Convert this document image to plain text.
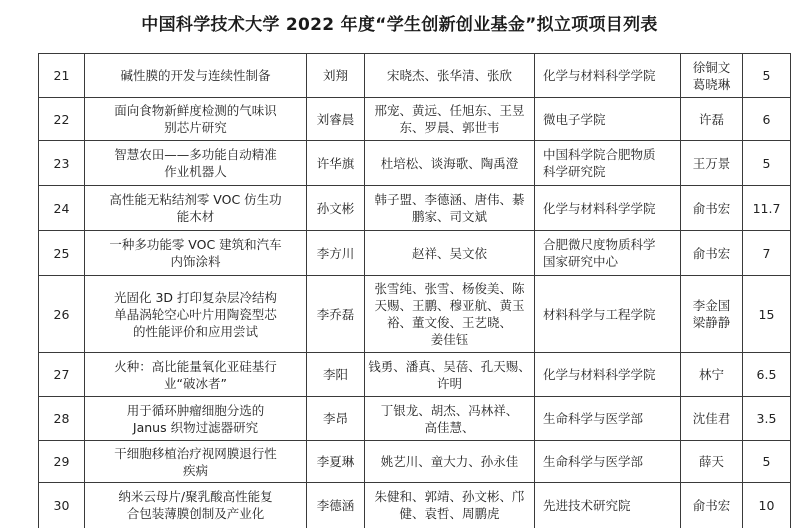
中国科学技术大学 2022 年度“学生创新创业基金”拟立项项目列表
21	碱性膜的开发与连续性制备	刘翔	宋晓杰、张华清、张欣	化学与材料科学学院	徐铜文
葛晓琳	5
22	面向食物新鲜度检测的气味识
别芯片研究	刘睿晨	邢宠、黄远、任旭东、王昱
东、罗晨、郭世韦	微电子学院	许磊	6
23	智慧农田——多功能自动精准
作业机器人	许华旗	杜培松、谈海歌、陶禹澄	中国科学院合肥物质
科学研究院	王万景	5
24	高性能无粘结剂零 VOC 仿生功
能木材	孙文彬	韩子盟、李德涵、唐伟、綦
鹏家、司文斌	化学与材料科学学院	俞书宏	11.7
25	一种多功能零 VOC 建筑和汽车
内饰涂料	李方川	赵祥、吴文依	合肥微尺度物质科学
国家研究中心	俞书宏	7
26	光固化 3D 打印复杂层冷结构
单晶涡轮空心叶片用陶瓷型芯
的性能评价和应用尝试	李乔磊	张雪纯、张雪、杨俊美、陈
天赐、王鹏、穆亚航、黄玉
裕、董文俊、王艺晓、
姜佳钰	材料科学与工程学院	李金国
梁静静	15
27	火种：高比能量氧化亚硅基行
业“破冰者”	李阳	钱勇、潘真、吴蓓、孔天赐、
许明	化学与材料科学学院	林宁	6.5
28	用于循环肿瘤细胞分选的
Janus 织物过滤器研究	李昂	丁银龙、胡杰、冯林祥、
高佳慧、	生命科学与医学部	沈佳君	3.5
29	干细胞移植治疗视网膜退行性
疾病	李夏琳	姚艺川、童大力、孙永佳	生命科学与医学部	薛天	5
30	纳米云母片/聚乳酸高性能复
合包装薄膜创制及产业化	李德涵	朱健和、郭靖、孙文彬、邝
健、袁哲、周鹏虎	先进技术研究院	俞书宏	10
